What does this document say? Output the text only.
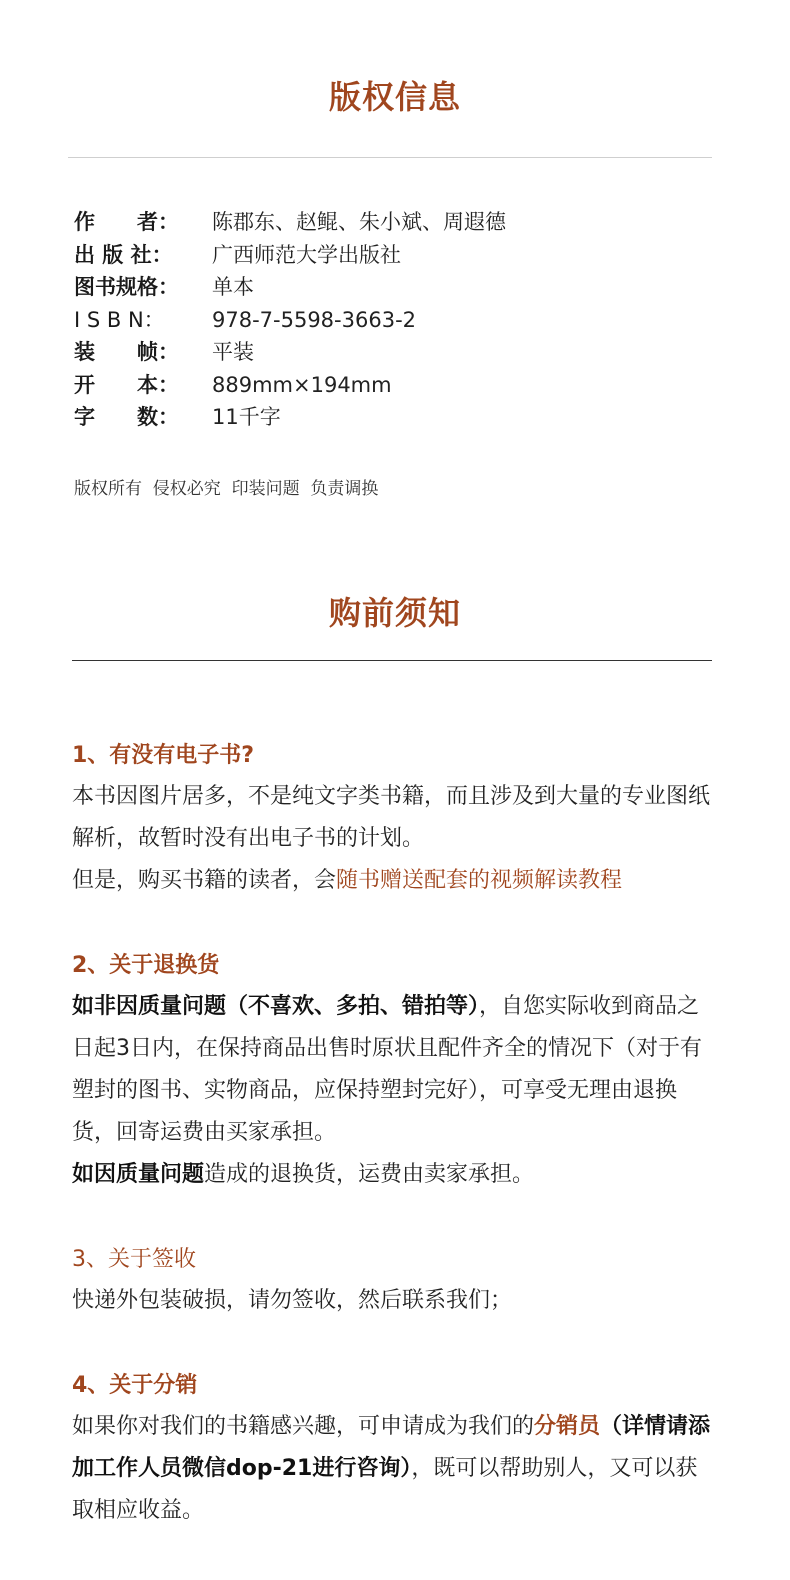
版权信息
作　　者： 陈郡东、赵鲲、朱小斌、周遐德
出 版 社： 广西师范大学出版社
图书规格： 单本
I S B N： 978-7-5598-3663-2
装　　帧： 平装
开　　本： 889mm×194mm
字　　数： 11千字
版权所有  侵权必究  印装问题  负责调换
购前须知
1、有没有电子书?
本书因图片居多，不是纯文字类书籍，而且涉及到大量的专业图纸解析，故暂时没有出电子书的计划。
但是，购买书籍的读者，会随书赠送配套的视频解读教程
2、关于退换货
如非因质量问题（不喜欢、多拍、错拍等），自您实际收到商品之日起3日内，在保持商品出售时原状且配件齐全的情况下（对于有塑封的图书、实物商品，应保持塑封完好），可享受无理由退换货，回寄运费由买家承担。
如因质量问题造成的退换货，运费由卖家承担。
3、关于签收
快递外包装破损，请勿签收，然后联系我们；
4、关于分销
如果你对我们的书籍感兴趣，可申请成为我们的分销员（详情请添加工作人员微信dop-21进行咨询），既可以帮助别人，又可以获取相应收益。
